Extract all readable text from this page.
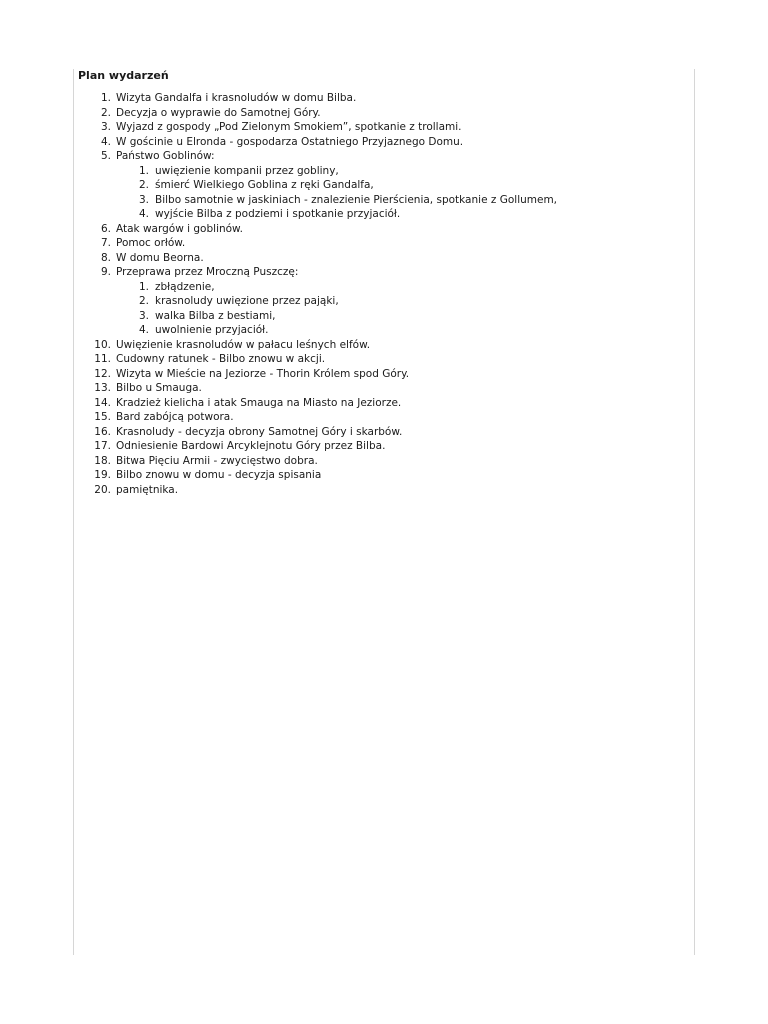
Plan wydarzeń
1. Wizyta Gandalfa i krasnoludów w domu Bilba.
2. Decyzja o wyprawie do Samotnej Góry.
3. Wyjazd z gospody „Pod Zielonym Smokiem”, spotkanie z trollami.
4. W gościnie u Elronda - gospodarza Ostatniego Przyjaznego Domu.
5. Państwo Goblinów:
1. uwięzienie kompanii przez gobliny,
2. śmierć Wielkiego Goblina z ręki Gandalfa,
3. Bilbo samotnie w jaskiniach - znalezienie Pierścienia, spotkanie z Gollumem,
4. wyjście Bilba z podziemi i spotkanie przyjaciół.
6. Atak wargów i goblinów.
7. Pomoc orłów.
8. W domu Beorna.
9. Przeprawa przez Mroczną Puszczę:
1. zbłądzenie,
2. krasnoludy uwięzione przez pająki,
3. walka Bilba z bestiami,
4. uwolnienie przyjaciół.
10. Uwięzienie krasnoludów w pałacu leśnych elfów.
11. Cudowny ratunek - Bilbo znowu w akcji.
12. Wizyta w Mieście na Jeziorze - Thorin Królem spod Góry.
13. Bilbo u Smauga.
14. Kradzież kielicha i atak Smauga na Miasto na Jeziorze.
15. Bard zabójcą potwora.
16. Krasnoludy - decyzja obrony Samotnej Góry i skarbów.
17. Odniesienie Bardowi Arcyklejnotu Góry przez Bilba.
18. Bitwa Pięciu Armii - zwycięstwo dobra.
19. Bilbo znowu w domu - decyzja spisania
20. pamiętnika.
